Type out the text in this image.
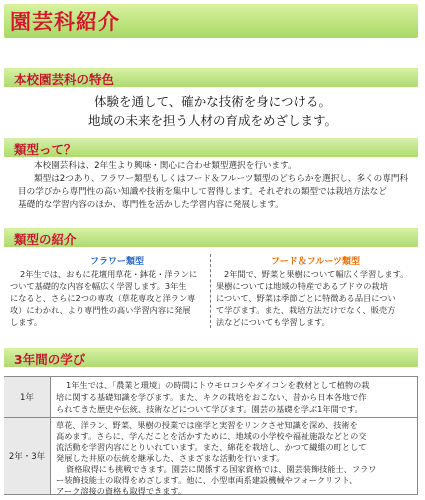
園芸科紹介
本校園芸科の特色
体験を通して、確かな技術を身につける。
地域の未来を担う人材の育成をめざします。
類型って？
本校園芸科は、2年生より興味・関心に合わせ類型選択を行います。
類型は2つあり、フラワー類型もしくはフード＆フルーツ類型のどちらかを選択し、多くの専門科
目の学びから専門性の高い知識や技術を集中して習得します。それぞれの類型では栽培方法など
基礎的な学習内容のほか、専門性を活かした学習内容に発展します。
類型の紹介
フラワー類型	フード＆フルーツ類型
2年生では、おもに花壇用草花・鉢花・洋ランに
ついて基礎的な内容を幅広く学習します。3年生
になると、さらに2つの専攻（草花専攻と洋ラン専
攻）にわかれ、より専門性の高い学習内容に発展
します。
2年間で、野菜と果樹について幅広く学習します。
果樹については地域の特産であるブドウの栽培
について、野菜は季節ごとに特徴ある品目につい
て学びます。また、栽培方法だけでなく、販売方
法などについても学習します。
3年間の学び
1年
1年生では、「農業と環境」の時間にトウモロコシやダイコンを教材として植物の栽
培に関する基礎知識を学びます。また、キクの栽培をおこない、昔から日本各地で作
られてきた歴史や伝統、技術などについて学びます。園芸の基礎を学ぶ1年間です。
2年・3年
草花、洋ラン、野菜、果樹の授業では座学と実習をリンクさせ知識を深め、技術を
高めます。さらに、学んだことを活かすために、地域の小学校や福祉施設などとの交
流活動を学習内容にとりいれています。また、綿花を栽培し、かつて繊維の町として
発展した井原の伝統を継承した、さまざまな活動を行います。
資格取得にも挑戦できます。園芸に関係する国家資格では、園芸装飾技能士、フラワ
ー装飾技能士の取得をめざします。他に、小型車両系建設機械やフォークリフト、
アーク溶接の資格も取得できます。
